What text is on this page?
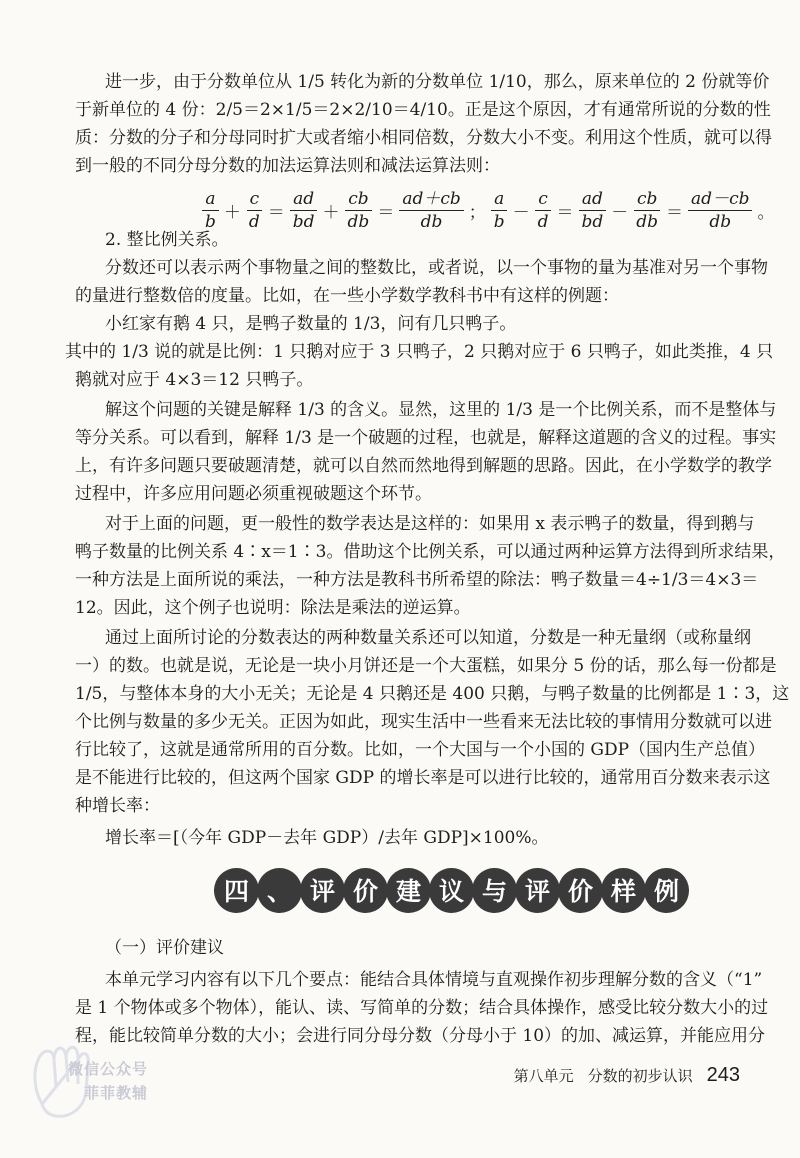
进一步，由于分数单位从 1/5 转化为新的分数单位 1/10，那么，原来单位的 2 份就等价
于新单位的 4 份：2/5＝2×1/5＝2×2/10＝4/10。正是这个原因，才有通常所说的分数的性
质：分数的分子和分母同时扩大或者缩小相同倍数，分数大小不变。利用这个性质，就可以得
到一般的不同分母分数的加法运算法则和减法运算法则：
$\frac{a}{b} + \frac{c}{d} = \frac{ad}{bd} + \frac{cb}{db} = \frac{ad+cb}{db}$ ； $\frac{a}{b} - \frac{c}{d} = \frac{ad}{bd} - \frac{cb}{db} = \frac{ad-cb}{db}$ 。
2. 整比例关系。
分数还可以表示两个事物量之间的整数比，或者说，以一个事物的量为基准对另一个事物
的量进行整数倍的度量。比如，在一些小学数学教科书中有这样的例题：
小红家有鹅 4 只，是鸭子数量的 1/3，问有几只鸭子。
其中的 1/3 说的就是比例：1 只鹅对应于 3 只鸭子，2 只鹅对应于 6 只鸭子，如此类推，4 只
鹅就对应于 4×3＝12 只鸭子。
解这个问题的关键是解释 1/3 的含义。显然，这里的 1/3 是一个比例关系，而不是整体与
等分关系。可以看到，解释 1/3 是一个破题的过程，也就是，解释这道题的含义的过程。事实
上，有许多问题只要破题清楚，就可以自然而然地得到解题的思路。因此，在小学数学的教学
过程中，许多应用问题必须重视破题这个环节。
对于上面的问题，更一般性的数学表达是这样的：如果用 x 表示鸭子的数量，得到鹅与
鸭子数量的比例关系 4∶x＝1∶3。借助这个比例关系，可以通过两种运算方法得到所求结果，
一种方法是上面所说的乘法，一种方法是教科书所希望的除法：鸭子数量＝4÷1/3＝4×3＝
12。因此，这个例子也说明：除法是乘法的逆运算。
通过上面所讨论的分数表达的两种数量关系还可以知道，分数是一种无量纲（或称量纲
一）的数。也就是说，无论是一块小月饼还是一个大蛋糕，如果分 5 份的话，那么每一份都是
1/5，与整体本身的大小无关；无论是 4 只鹅还是 400 只鹅，与鸭子数量的比例都是 1∶3，这
个比例与数量的多少无关。正因为如此，现实生活中一些看来无法比较的事情用分数就可以进
行比较了，这就是通常所用的百分数。比如，一个大国与一个小国的 GDP（国内生产总值）
是不能进行比较的，但这两个国家 GDP 的增长率是可以进行比较的，通常用百分数来表示这
种增长率：
增长率＝[（今年 GDP－去年 GDP）/去年 GDP]×100%。
四 、 评 价 建 议 与 评 价 样 例
（一）评价建议
本单元学习内容有以下几个要点：能结合具体情境与直观操作初步理解分数的含义（“1”
是 1 个物体或多个物体），能认、读、写简单的分数；结合具体操作，感受比较分数大小的过
程，能比较简单分数的大小；会进行同分母分数（分母小于 10）的加、减运算，并能应用分
微信公众号
菲菲教辅
第八单元 分数的初步认识 243
